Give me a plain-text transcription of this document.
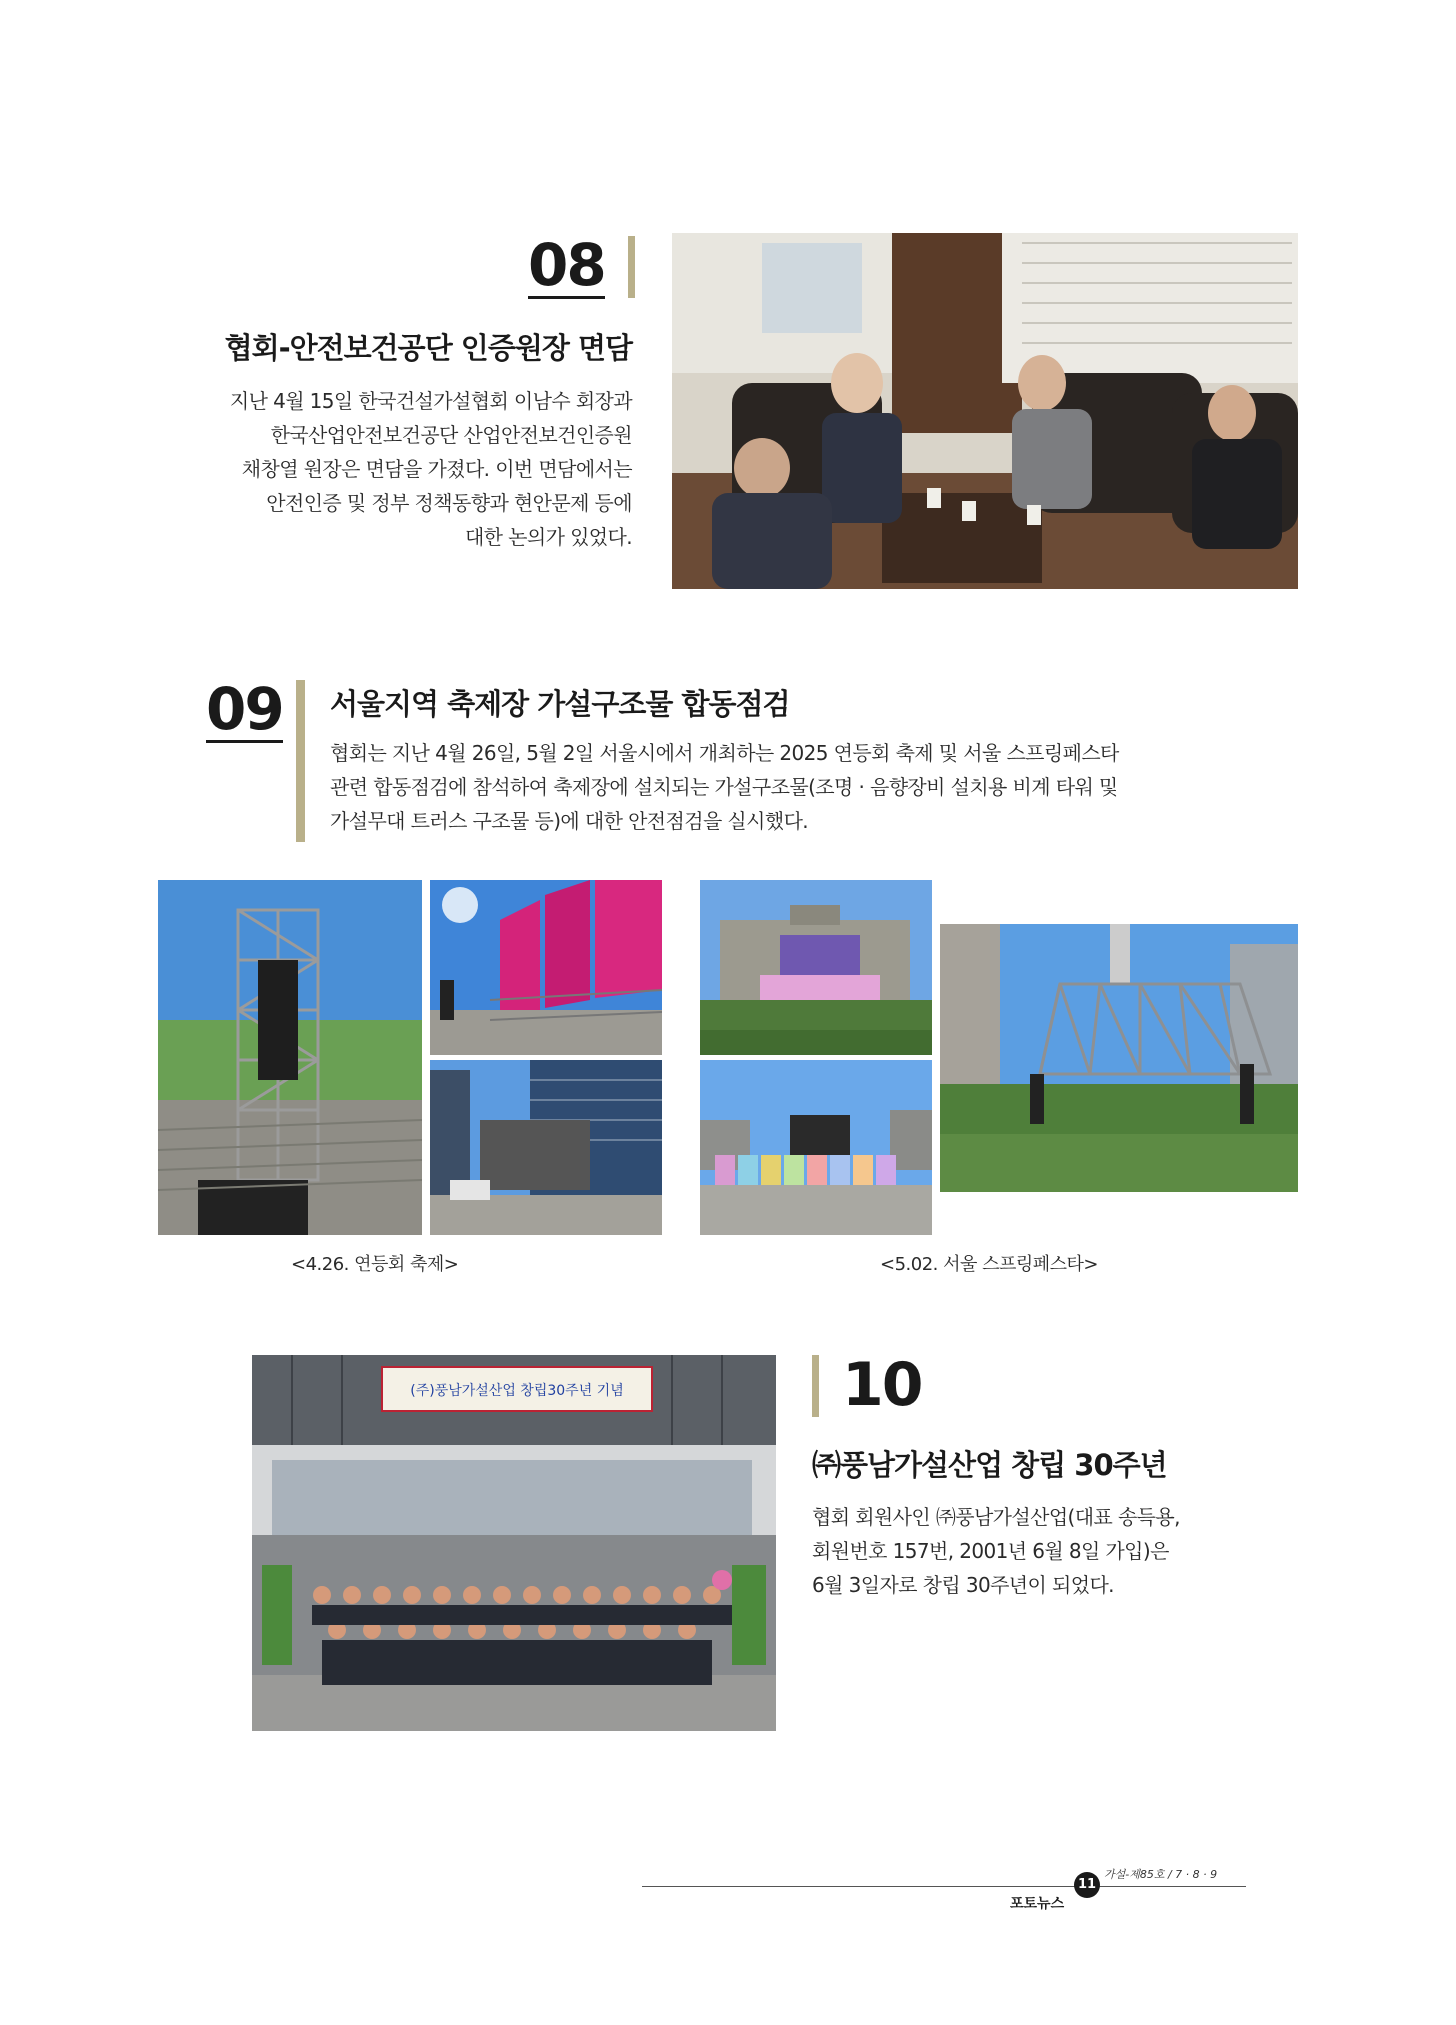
08
협회-안전보건공단 인증원장 면담
지난 4월 15일 한국건설가설협회 이남수 회장과
한국산업안전보건공단 산업안전보건인증원
채창열 원장은 면담을 가졌다. 이번 면담에서는
안전인증 및 정부 정책동향과 현안문제 등에
대한 논의가 있었다.
09 서울지역 축제장 가설구조물 합동점검
협회는 지난 4월 26일, 5월 2일 서울시에서 개최하는 2025 연등회 축제 및 서울 스프링페스타
관련 합동점검에 참석하여 축제장에 설치되는 가설구조물(조명 · 음향장비 설치용 비계 타워 및
가설무대 트러스 구조물 등)에 대한 안전점검을 실시했다.
<4.26. 연등회 축제>	<5.02. 서울 스프링페스타>
(주)풍남가설산업 창립30주년 기념	10
㈜풍남가설산업 창립 30주년
협회 회원사인 ㈜풍남가설산업(대표 송득용,
회원번호 157번, 2001년 6월 8일 가입)은
6월 3일자로 창립 30주년이 되었다.
11
가설-제85호 / 7 · 8 · 9
포토뉴스
